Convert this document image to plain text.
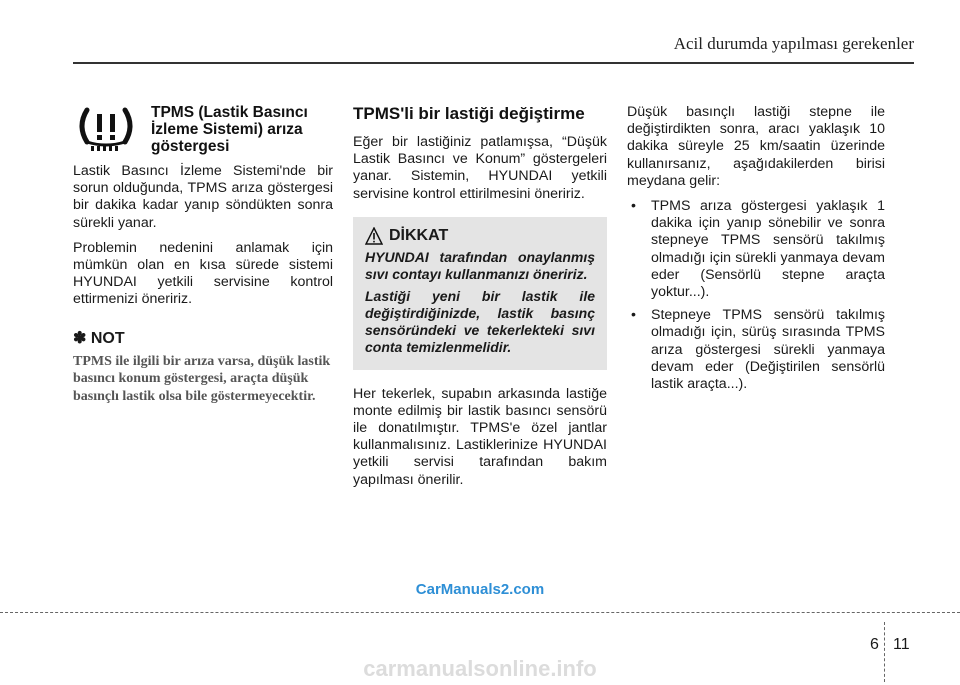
Acil durumda yapılması gerekenler
TPMS (Lastik Basıncı İzleme Sistemi) arıza göstergesi

Lastik Basıncı İzleme Sistemi'nde bir sorun olduğunda, TPMS arıza göstergesi bir dakika kadar yanıp söndükten sonra sürekli yanar.

Problemin nedenini anlamak için mümkün olan en kısa sürede sistemi HYUNDAI yetkili servisine kontrol ettirmenizi öneririz.

✽ NOT

TPMS ile ilgili bir arıza varsa, düşük lastik basıncı konum göstergesi, araçta düşük basınçlı lastik olsa bile göstermeyecektir.

TPMS'li bir lastiği değiştirme

Eğer bir lastiğiniz patlamışsa, “Düşük Lastik Basıncı ve Konum” göstergeleri yanar. Sistemin, HYUNDAI yetkili servisine kontrol ettirilmesini öneririz.

DİKKAT

HYUNDAI tarafından onaylanmış sıvı contayı kullanmanızı öneririz.

Lastiği yeni bir lastik ile değiştirdiğinizde, lastik basınç sensöründeki ve tekerlekteki sıvı conta temizlenmelidir.

Her tekerlek, supabın arkasında lastiğe monte edilmiş bir lastik basıncı sensörü ile donatılmıştır. TPMS'e özel jantlar kullanmalısınız. Lastiklerinize HYUNDAI yetkili servisi tarafından bakım yapılması önerilir.

Düşük basınçlı lastiği stepne ile değiştirdikten sonra, aracı yaklaşık 10 dakika süreyle 25 km/saatin üzerinde kullanırsanız, aşağıdakilerden birisi meydana gelir:

• TPMS arıza göstergesi yaklaşık 1 dakika için yanıp sönebilir ve sonra stepneye TPMS sensörü takılmış olmadığı için sürekli yanmaya devam eder (Sensörlü stepne araçta yoktur...).
• Stepneye TPMS sensörü takılmış olmadığı için, sürüş sırasında TPMS arıza göstergesi sürekli yanmaya devam eder (Değiştirilen sensörlü lastik araçta...).
CarManuals2.com
6 11
carmanualsonline.info
